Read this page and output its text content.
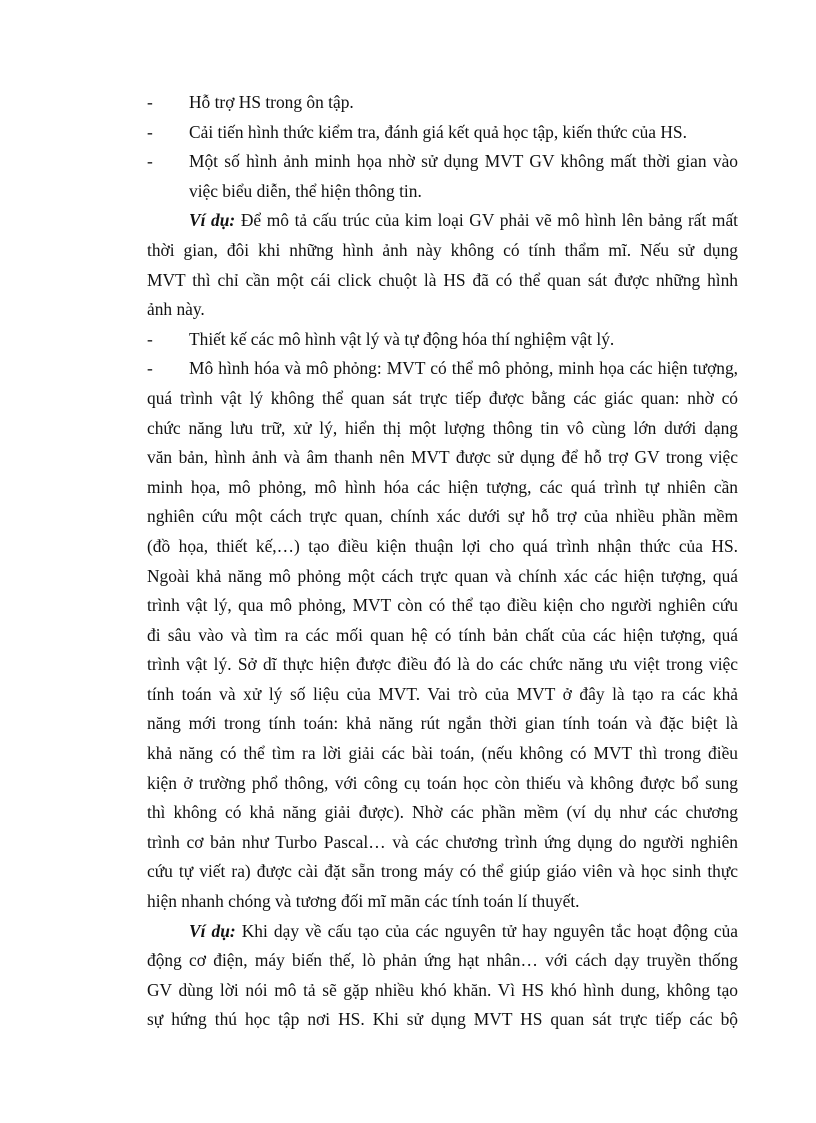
- Hỗ trợ HS trong ôn tập.

- Cải tiến hình thức kiểm tra, đánh giá kết quả học tập, kiến thức của HS.

- Một số hình ảnh minh họa nhờ sử dụng MVT GV không mất thời gian vào

việc biểu diễn, thể hiện thông tin.

Ví dụ: Để mô tả cấu trúc của kim loại GV phải vẽ mô hình lên bảng rất mất

thời gian, đôi khi những hình ảnh này không có tính thẩm mĩ. Nếu sử dụng

MVT thì chỉ cần một cái click chuột là HS đã có thể quan sát được những hình

ảnh này.

- Thiết kế các mô hình vật lý và tự động hóa thí nghiệm vật lý.

- Mô hình hóa và mô phỏng: MVT có thể mô phỏng, minh họa các hiện tượng,

quá trình vật lý không thể quan sát trực tiếp được bằng các giác quan: nhờ có

chức năng lưu trữ, xử lý, hiển thị một lượng thông tin vô cùng lớn dưới dạng

văn bản, hình ảnh và âm thanh nên MVT được sử dụng để hỗ trợ GV trong việc

minh họa, mô phỏng, mô hình hóa các hiện tượng, các quá trình tự nhiên cần

nghiên cứu một cách trực quan, chính xác dưới sự hỗ trợ của nhiều phần mềm

(đồ họa, thiết kế,…) tạo điều kiện thuận lợi cho quá trình nhận thức của HS.

Ngoài khả năng mô phỏng một cách trực quan và chính xác các hiện tượng, quá

trình vật lý, qua mô phỏng, MVT còn có thể tạo điều kiện cho người nghiên cứu

đi sâu vào và tìm ra các mối quan hệ có tính bản chất của các hiện tượng, quá

trình vật lý. Sở dĩ thực hiện được điều đó là do các chức năng ưu việt trong việc

tính toán và xử lý số liệu của MVT. Vai trò của MVT ở đây là tạo ra các khả

năng mới trong tính toán: khả năng rút ngắn thời gian tính toán và đặc biệt là

khả năng có thể tìm ra lời giải các bài toán, (nếu không có MVT thì trong điều

kiện ở trường phổ thông, với công cụ toán học còn thiếu và không được bổ sung

thì không có khả năng giải được). Nhờ các phần mềm (ví dụ như các chương

trình cơ bản như Turbo Pascal… và các chương trình ứng dụng do người nghiên

cứu tự viết ra) được cài đặt sẵn trong máy có thể giúp giáo viên và học sinh thực

hiện nhanh chóng và tương đối mĩ mãn các tính toán lí thuyết.

Ví dụ: Khi dạy về cấu tạo của các nguyên tử hay nguyên tắc hoạt động của

động cơ điện, máy biến thế, lò phản ứng hạt nhân… với cách dạy truyền thống

GV dùng lời nói mô tả sẽ gặp nhiều khó khăn. Vì HS khó hình dung, không tạo

sự hứng thú học tập nơi HS. Khi sử dụng MVT HS quan sát trực tiếp các bộ
